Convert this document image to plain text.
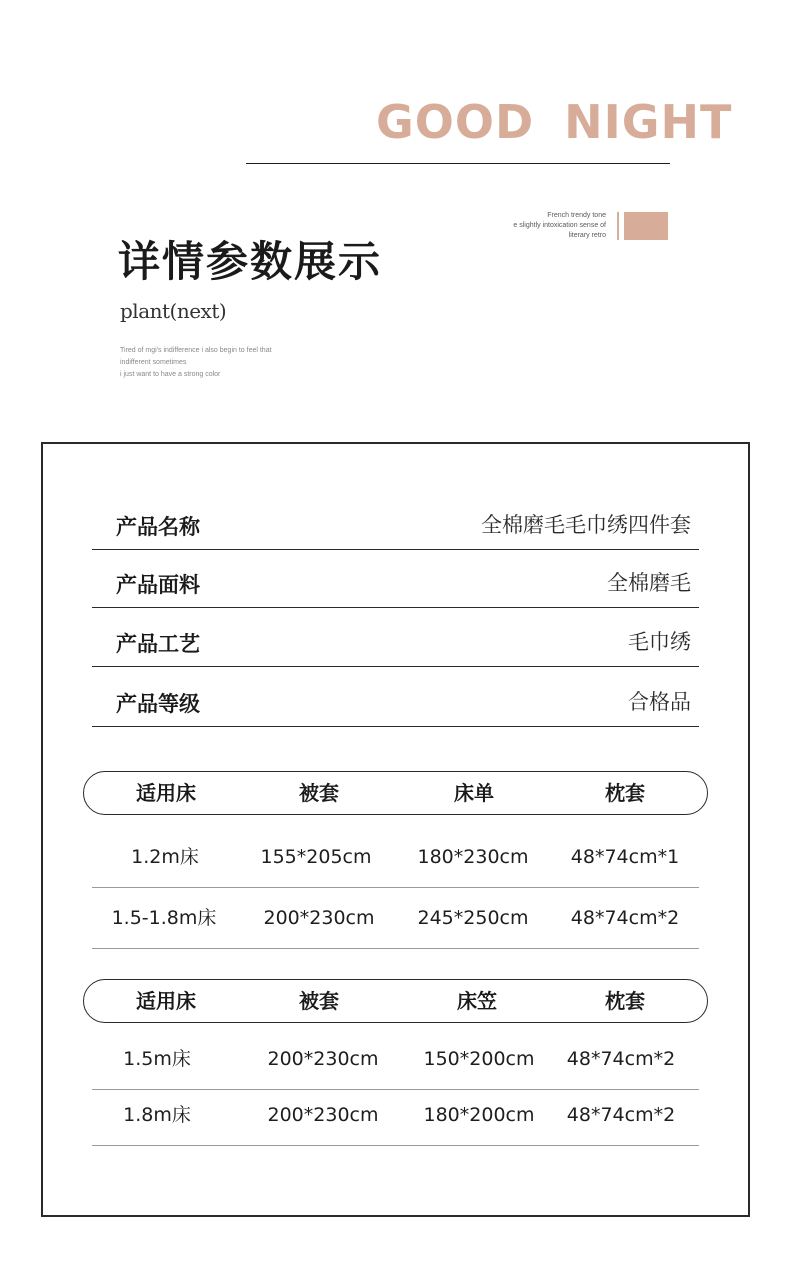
GOOD NIGHT
French trendy tone
e slightly intoxication sense of
literary retro
详情参数展示
plant(next)
Tired of mgi's indifference i also begin to feel that
indifferent sometimes
i just want to have a strong color
产品名称	全棉磨毛毛巾绣四件套
产品面料	全棉磨毛
产品工艺	毛巾绣
产品等级	合格品
适用床	被套	床单	枕套
1.2m床	155*205cm	180*230cm	48*74cm*1
1.5-1.8m床	200*230cm	245*250cm	48*74cm*2
适用床	被套	床笠	枕套
1.5m床	200*230cm	150*200cm	48*74cm*2
1.8m床	200*230cm	180*200cm	48*74cm*2
